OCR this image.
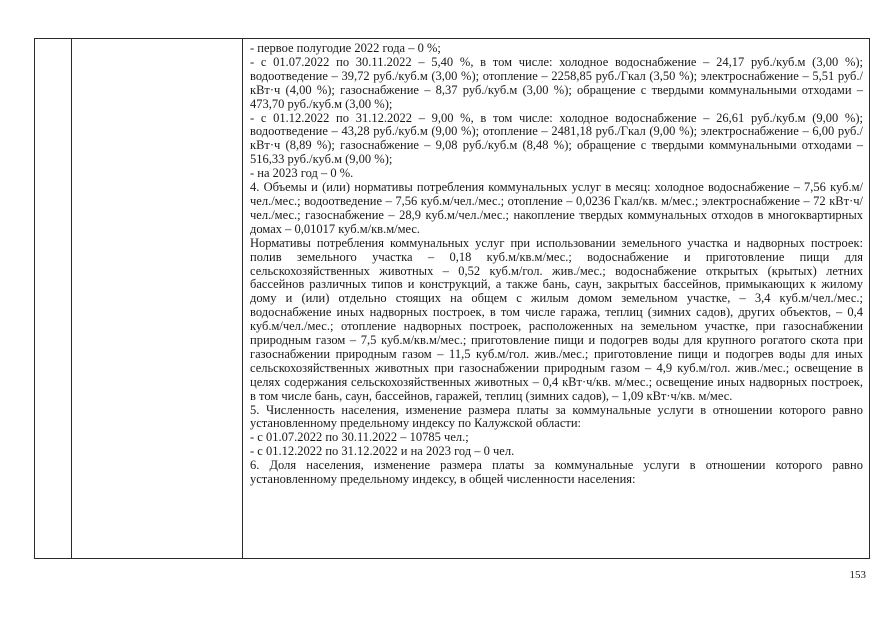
- первое полугодие 2022 года – 0 %;

- с 01.07.2022 по 30.11.2022 – 5,40 %, в том числе: холодное водоснабжение – 24,17 руб./куб.м (3,00 %); водоотведение – 39,72 руб./куб.м (3,00 %); отопление – 2258,85 руб./Гкал (3,50 %); электроснабжение – 5,51 руб./кВт·ч (4,00 %); газоснабжение – 8,37 руб./куб.м (3,00 %); обращение с твердыми коммунальными отходами – 473,70 руб./куб.м (3,00 %);

- с 01.12.2022 по 31.12.2022 – 9,00 %, в том числе: холодное водоснабжение – 26,61 руб./куб.м (9,00 %); водоотведение – 43,28 руб./куб.м (9,00 %); отопление – 2481,18 руб./Гкал (9,00 %); электроснабжение – 6,00 руб./кВт·ч (8,89 %); газоснабжение – 9,08 руб./куб.м (8,48 %); обращение с твердыми коммунальными отходами – 516,33 руб./куб.м (9,00 %);

- на 2023 год – 0 %.

4. Объемы и (или) нормативы потребления коммунальных услуг в месяц: холодное водоснабжение – 7,56 куб.м/чел./мес.; водоотведение – 7,56 куб.м/чел./мес.; отопление – 0,0236 Гкал/кв. м/мес.; электроснабжение – 72 кВт·ч/чел./мес.; газоснабжение – 28,9 куб.м/чел./мес.; накопление твердых коммунальных отходов в многоквартирных домах – 0,01017 куб.м/кв.м/мес.

Нормативы потребления коммунальных услуг при использовании земельного участка и надворных построек: полив земельного участка – 0,18 куб.м/кв.м/мес.; водоснабжение и приготовление пищи для сельскохозяйственных животных – 0,52 куб.м/гол. жив./мес.; водоснабжение открытых (крытых) летних бассейнов различных типов и конструкций, а также бань, саун, закрытых бассейнов, примыкающих к жилому дому и (или) отдельно стоящих на общем с жилым домом земельном участке, – 3,4 куб.м/чел./мес.; водоснабжение иных надворных построек, в том числе гаража, теплиц (зимних садов), других объектов, – 0,4 куб.м/чел./мес.; отопление надворных построек, расположенных на земельном участке, при газоснабжении природным газом – 7,5 куб.м/кв.м/мес.; приготовление пищи и подогрев воды для крупного рогатого скота при газоснабжении природным газом – 11,5 куб.м/гол. жив./мес.; приготовление пищи и подогрев воды для иных сельскохозяйственных животных при газоснабжении природным газом – 4,9 куб.м/гол. жив./мес.; освещение в целях содержания сельскохозяйственных животных – 0,4 кВт·ч/кв. м/мес.; освещение иных надворных построек, в том числе бань, саун, бассейнов, гаражей, теплиц (зимних садов), – 1,09 кВт·ч/кв. м/мес.

5. Численность населения, изменение размера платы за коммунальные услуги в отношении которого равно установленному предельному индексу по Калужской области:

- с 01.07.2022 по 30.11.2022 – 10785 чел.;

- с 01.12.2022 по 31.12.2022 и на 2023 год – 0 чел.

6. Доля населения, изменение размера платы за коммунальные услуги в отношении которого равно установленному предельному индексу, в общей численности населения:

153
